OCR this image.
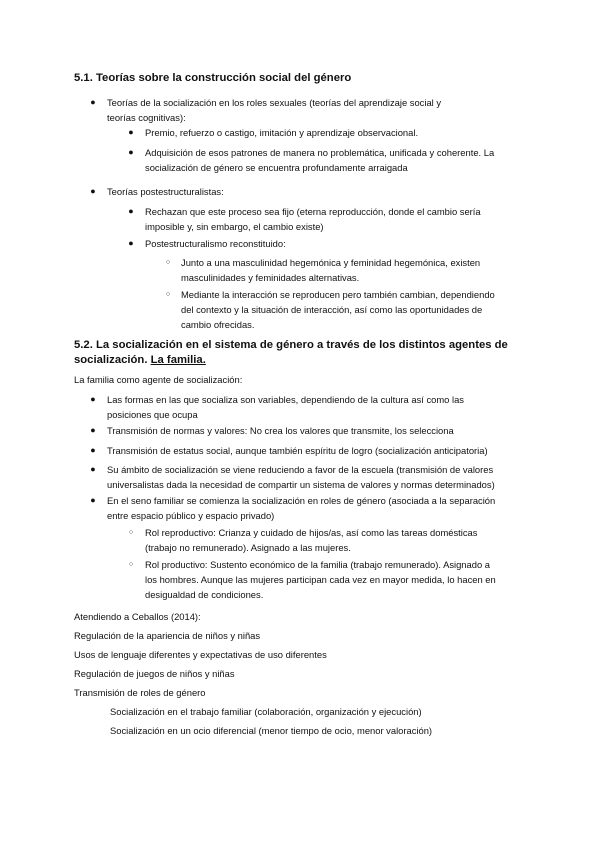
5.1. Teorías sobre la construcción social del género
● Teorías de la socialización en los roles sexuales (teorías del aprendizaje social y

teorías cognitivas):

● Premio, refuerzo o castigo, imitación y aprendizaje observacional.

● Adquisición de esos patrones de manera no problemática, unificada y coherente. La

socialización de género se encuentra profundamente arraigada

● Teorías postestructuralistas:

● Rechazan que este proceso sea fijo (eterna reproducción, donde el cambio sería

imposible y, sin embargo, el cambio existe)

● Postestructuralismo reconstituido:

○	Junto a una masculinidad hegemónica y feminidad hegemónica, existen

masculinidades y feminidades alternativas.

○	Mediante la interacción se reproducen pero también cambian, dependiendo

del contexto y la situación de interacción, así como las oportunidades de

cambio ofrecidas.

5.2. La socialización en el sistema de género a través de los distintos agentes de
socialización. La familia.

La familia como agente de socialización:

● Las formas en las que socializa son variables, dependiendo de la cultura así como las

posiciones que ocupa

● Transmisión de normas y valores: No crea los valores que transmite, los selecciona

● Transmisión de estatus social, aunque también espíritu de logro (socialización anticipatoria)

● Su ámbito de socialización se viene reduciendo a favor de la escuela (transmisión de valores

universalistas dada la necesidad de compartir un sistema de valores y normas determinados)

● En el seno familiar se comienza la socialización en roles de género (asociada a la separación

entre espacio público y espacio privado)

○	Rol reproductivo: Crianza y cuidado de hijos/as, así como las tareas domésticas

(trabajo no remunerado). Asignado a las mujeres.

○	Rol productivo: Sustento económico de la familia (trabajo remunerado). Asignado a

los hombres. Aunque las mujeres participan cada vez en mayor medida, lo hacen en

desigualdad de condiciones.

Atendiendo a Ceballos (2014):

Regulación de la apariencia de niños y niñas

Usos de lenguaje diferentes y expectativas de uso diferentes

Regulación de juegos de niños y niñas

Transmisión de roles de género

Socialización en el trabajo familiar (colaboración, organización y ejecución)

Socialización en un ocio diferencial (menor tiempo de ocio, menor valoración)
